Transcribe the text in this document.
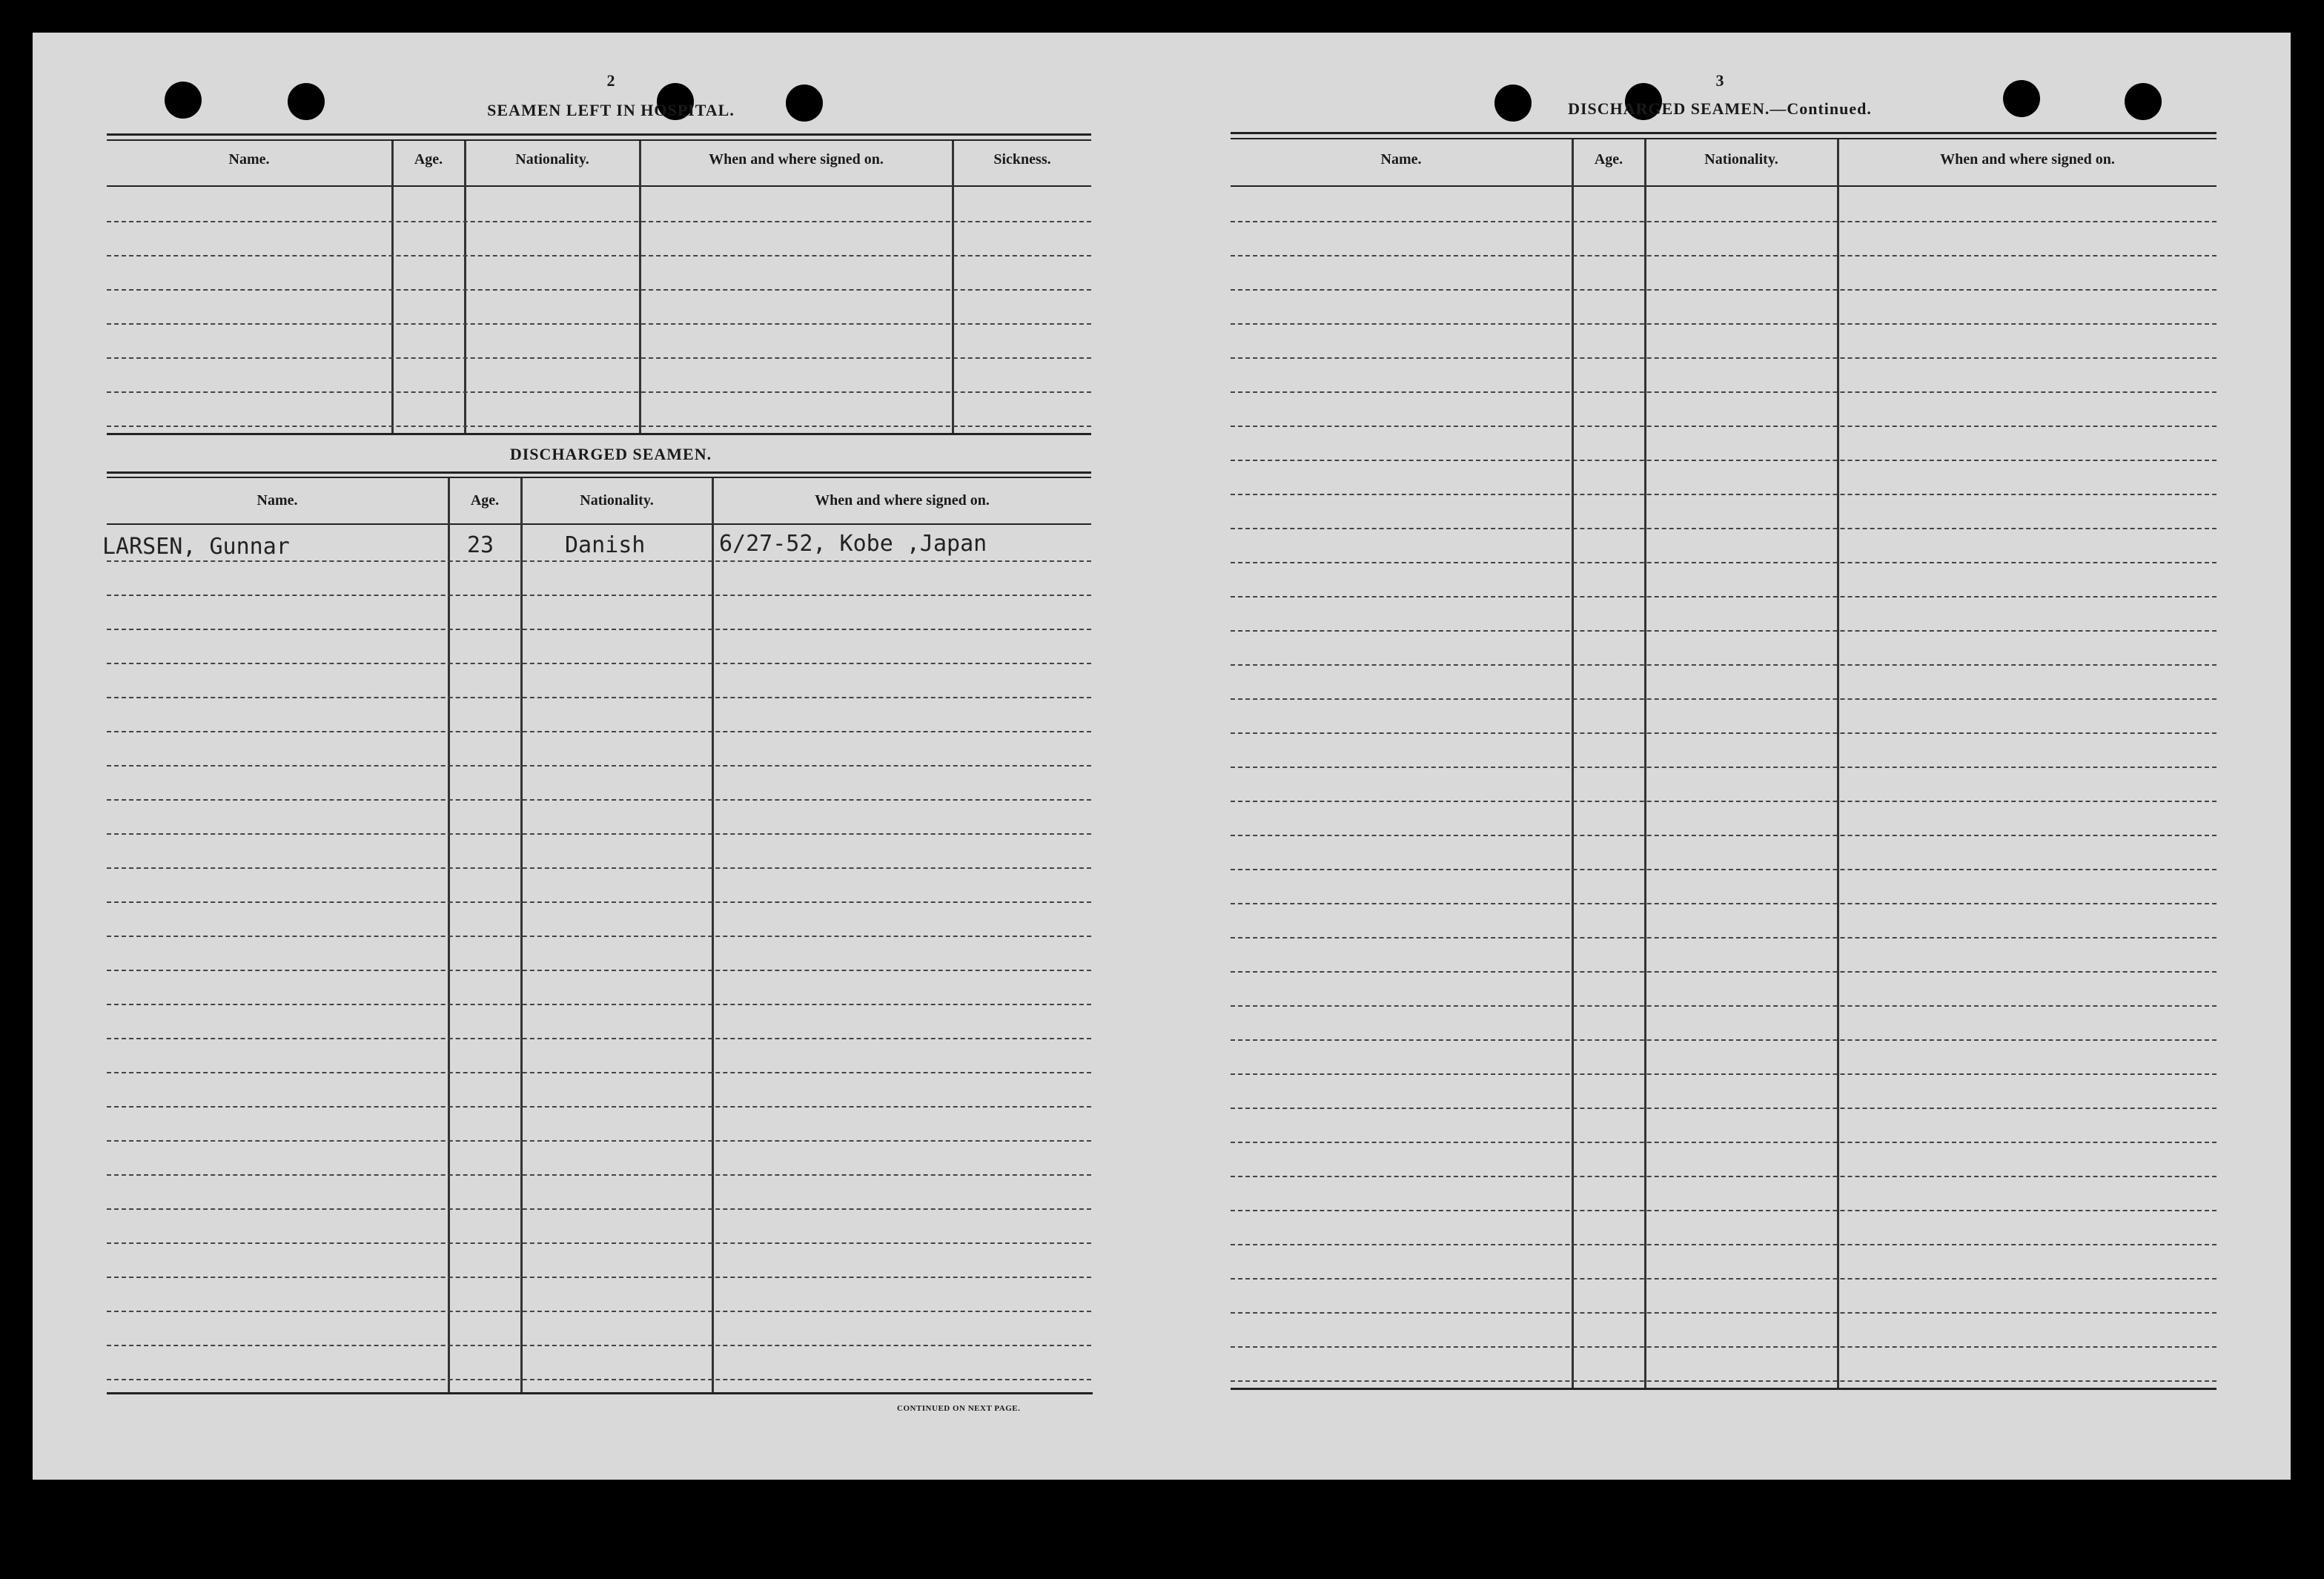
2
SEAMEN LEFT IN HOSPITAL.
Name.	Age.	Nationality.	When and where signed on.	Sickness.
DISCHARGED SEAMEN.
Name.	Age.	Nationality.	When and where signed on.
LARSEN, Gunnar	23	Danish	6/27-52, Kobe ,Japan
CONTINUED ON NEXT PAGE.
3
DISCHARGED SEAMEN.—Continued.
Name.	Age.	Nationality.	When and where signed on.
